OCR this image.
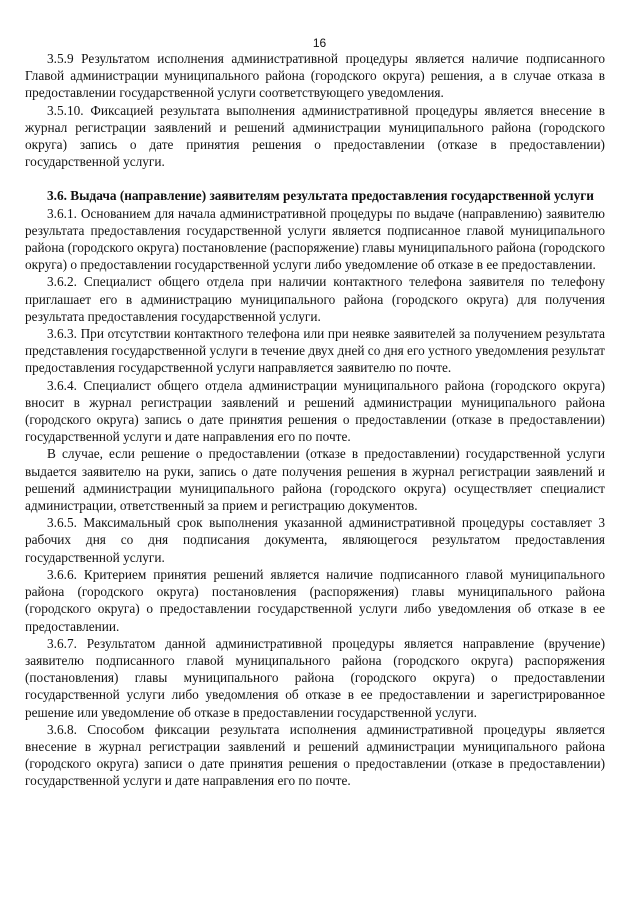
16

3.5.9 Результатом исполнения административной процедуры является наличие подписанного Главой администрации муниципального района (городского округа) решения, а в случае отказа в предоставлении государственной услуги соответствующего уведомления.

3.5.10. Фиксацией результата выполнения административной процедуры является внесение в журнал регистрации заявлений и решений администрации муниципального района (городского округа) запись о дате принятия решения о предоставлении (отказе в предоставлении) государственной услуги.

3.6. Выдача (направление) заявителям результата предоставления государственной услуги

3.6.1. Основанием для начала административной процедуры по выдаче (направлению) заявителю результата предоставления государственной услуги является подписанное главой муниципального района (городского округа) постановление (распоряжение) главы муниципального района (городского округа) о предоставлении государственной услуги либо уведомление об отказе в ее предоставлении.

3.6.2. Специалист общего отдела при наличии контактного телефона заявителя по телефону приглашает его в администрацию муниципального района (городского округа) для получения результата предоставления государственной услуги.

3.6.3. При отсутствии контактного телефона или при неявке заявителей за получением результата представления государственной услуги в течение двух дней со дня его устного уведомления результат предоставления государственной услуги направляется заявителю по почте.

3.6.4. Специалист общего отдела администрации муниципального района (городского округа) вносит в журнал регистрации заявлений и решений администрации муниципального района (городского округа) запись о дате принятия решения о предоставлении (отказе в предоставлении) государственной услуги и дате направления его по почте.

В случае, если решение о предоставлении (отказе в предоставлении) государственной услуги выдается заявителю на руки, запись о дате получения решения в журнал регистрации заявлений и решений администрации муниципального района (городского округа) осуществляет специалист администрации, ответственный за прием и регистрацию документов.

3.6.5. Максимальный срок выполнения указанной административной процедуры составляет 3 рабочих дня со дня подписания документа, являющегося результатом предоставления государственной услуги.

3.6.6. Критерием принятия решений является наличие подписанного главой муниципального района (городского округа) постановления (распоряжения) главы муниципального района (городского округа) о предоставлении государственной услуги либо уведомления об отказе в ее предоставлении.

3.6.7. Результатом данной административной процедуры является направление (вручение) заявителю подписанного главой муниципального района (городского округа) распоряжения (постановления) главы муниципального района (городского округа) о предоставлении государственной услуги либо уведомления об отказе в ее предоставлении и зарегистрированное решение или уведомление об отказе в предоставлении государственной услуги.

3.6.8. Способом фиксации результата исполнения административной процедуры является внесение в журнал регистрации заявлений и решений администрации муниципального района (городского округа) записи о дате принятия решения о предоставлении (отказе в предоставлении) государственной услуги и дате направления его по почте.
